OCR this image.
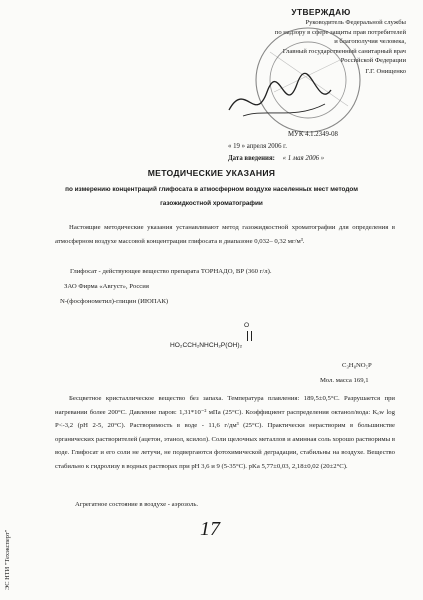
УТВЕРЖДАЮ
Руководитель Федеральной службы
по надзору в сфере защиты прав потребителей
и благополучия человека,
Главный государственный санитарный врач
Российской Федерации
Г.Г. Онищенко
МУК 4.1.2349-08
« 19 » апреля 2006 г.
Дата введения: « 1 мая 2006 »
МЕТОДИЧЕСКИЕ УКАЗАНИЯ
по измерению концентраций глифосата в атмосферном воздухе населенных мест методом газожидкостной хроматографии
Настоящие методические указания устанавливают метод газожидкостной хроматографии для определения в атмосферном воздухе массовой концентрации глифосата в диапазоне 0,032– 0,32 мг/м³.
Глифосат - действующее вещество препарата ТОРНАДО, ВР (360 г/л).
ЗАО Фирма «Август», Россия
N-(фосфонометил)-глицин (ИЮПАК)
O
HO₂CCH₂NHCH₂P(OH)₂
C₃H₈NO₅P
Мол. масса 169,1
Бесцветное кристаллическое вещество без запаха. Температура плавления: 189,5±0,5°С. Разрушается при нагревании более 200°С. Давление паров: 1,31*10⁻² мПа (25°С). Коэффициент распределения октанол/вода: Kₒw log P<-3,2 (pH 2-5, 20°С). Растворимость в воде - 11,6 г/дм³ (25°С). Практически нерастворим в большинстве органических растворителей (ацетон, этанол, ксилол). Соли щелочных металлов и аминная соль хорошо растворимы в воде. Глифосат и его соли не летучи, не подвергаются фотохимической деградации, стабильны на воздухе. Вещество стабильно к гидролизу в водных растворах при pH 3,6 и 9 (5-35°С). pKa 5,77±0,03, 2,18±0,02 (20±2°С).
Агрегатное состояние в воздухе - аэрозоль.
17
ЭС НТИ "Техэксперт"
